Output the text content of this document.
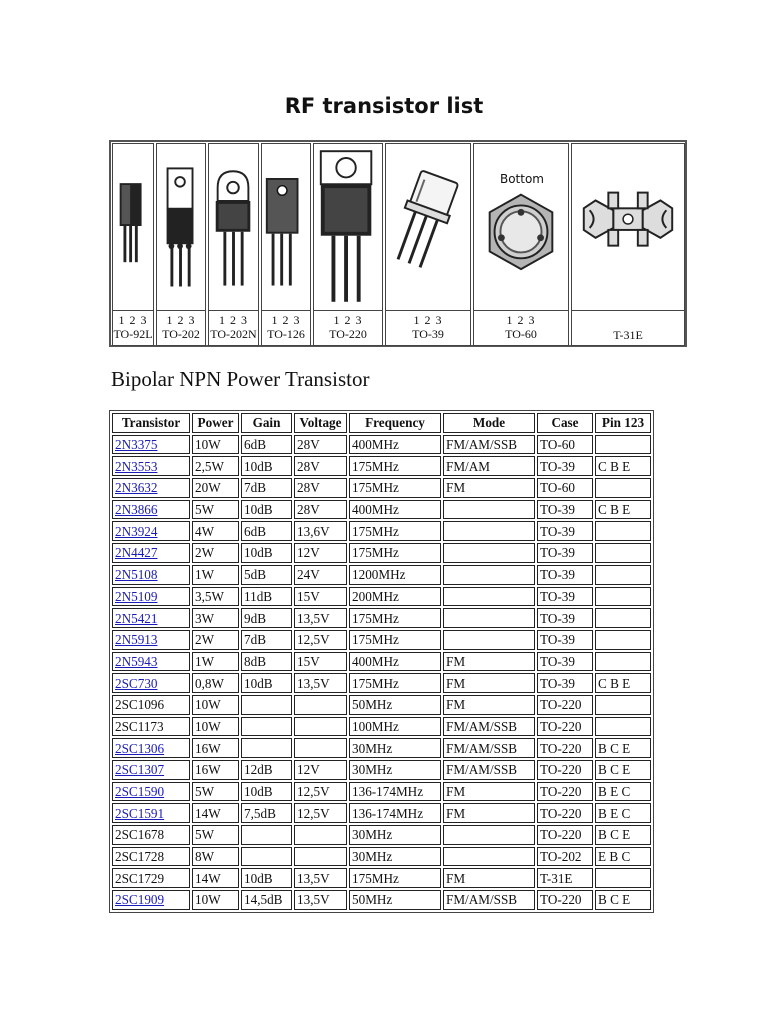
RF transistor list
1 2 3
TO-92L
1 2 3
TO-202
1 2 3
TO-202N
1 2 3
TO-126
1 2 3
TO-220
1 2 3
TO-39
Bottom
1 2 3
TO-60	T-31E
Bipolar NPN Power Transistor
Transistor	Power	Gain	Voltage	Frequency	Mode	Case	Pin 123
2N3375	10W	6dB	28V	400MHz	FM/AM/SSB	TO-60	
2N3553	2,5W	10dB	28V	175MHz	FM/AM	TO-39	C B E
2N3632	20W	7dB	28V	175MHz	FM	TO-60	
2N3866	5W	10dB	28V	400MHz		TO-39	C B E
2N3924	4W	6dB	13,6V	175MHz		TO-39	
2N4427	2W	10dB	12V	175MHz		TO-39	
2N5108	1W	5dB	24V	1200MHz		TO-39	
2N5109	3,5W	11dB	15V	200MHz		TO-39	
2N5421	3W	9dB	13,5V	175MHz		TO-39	
2N5913	2W	7dB	12,5V	175MHz		TO-39	
2N5943	1W	8dB	15V	400MHz	FM	TO-39	
2SC730	0,8W	10dB	13,5V	175MHz	FM	TO-39	C B E
2SC1096	10W			50MHz	FM	TO-220	
2SC1173	10W			100MHz	FM/AM/SSB	TO-220	
2SC1306	16W			30MHz	FM/AM/SSB	TO-220	B C E
2SC1307	16W	12dB	12V	30MHz	FM/AM/SSB	TO-220	B C E
2SC1590	5W	10dB	12,5V	136-174MHz	FM	TO-220	B E C
2SC1591	14W	7,5dB	12,5V	136-174MHz	FM	TO-220	B E C
2SC1678	5W			30MHz		TO-220	B C E
2SC1728	8W			30MHz		TO-202	E B C
2SC1729	14W	10dB	13,5V	175MHz	FM	T-31E	
2SC1909	10W	14,5dB	13,5V	50MHz	FM/AM/SSB	TO-220	B C E
